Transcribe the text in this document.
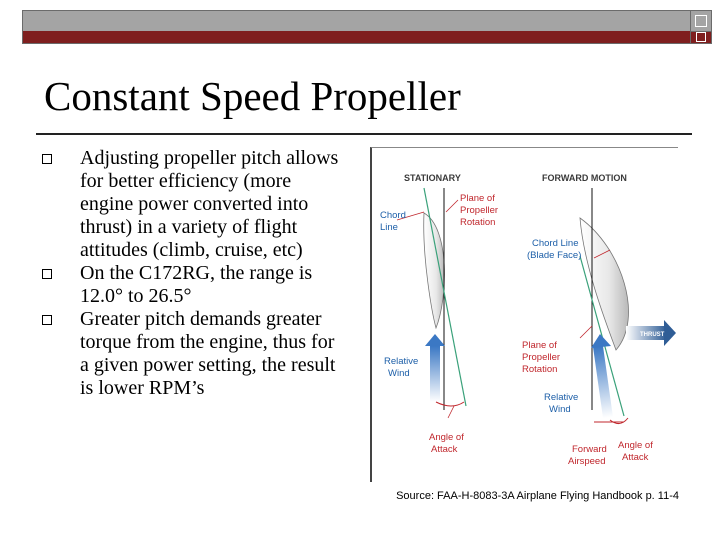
Constant Speed Propeller
Adjusting propeller pitch allows for better efficiency (more engine power converted into thrust) in a variety of flight attitudes (climb, cruise, etc)
On the C172RG, the range is 12.0° to 26.5°
Greater pitch demands greater torque from the engine, thus for a given power setting, the result is lower RPM’s
STATIONARY	FORWARD MOTION
Plane of Propeller Rotation
Chord Line
Relative Wind
Angle of Attack
THRUST
Chord Line (Blade Face)
Plane of Propeller Rotation
Relative Wind
Forward Airspeed
Angle of Attack
Source: FAA-H-8083-3A Airplane Flying Handbook p. 11-4
